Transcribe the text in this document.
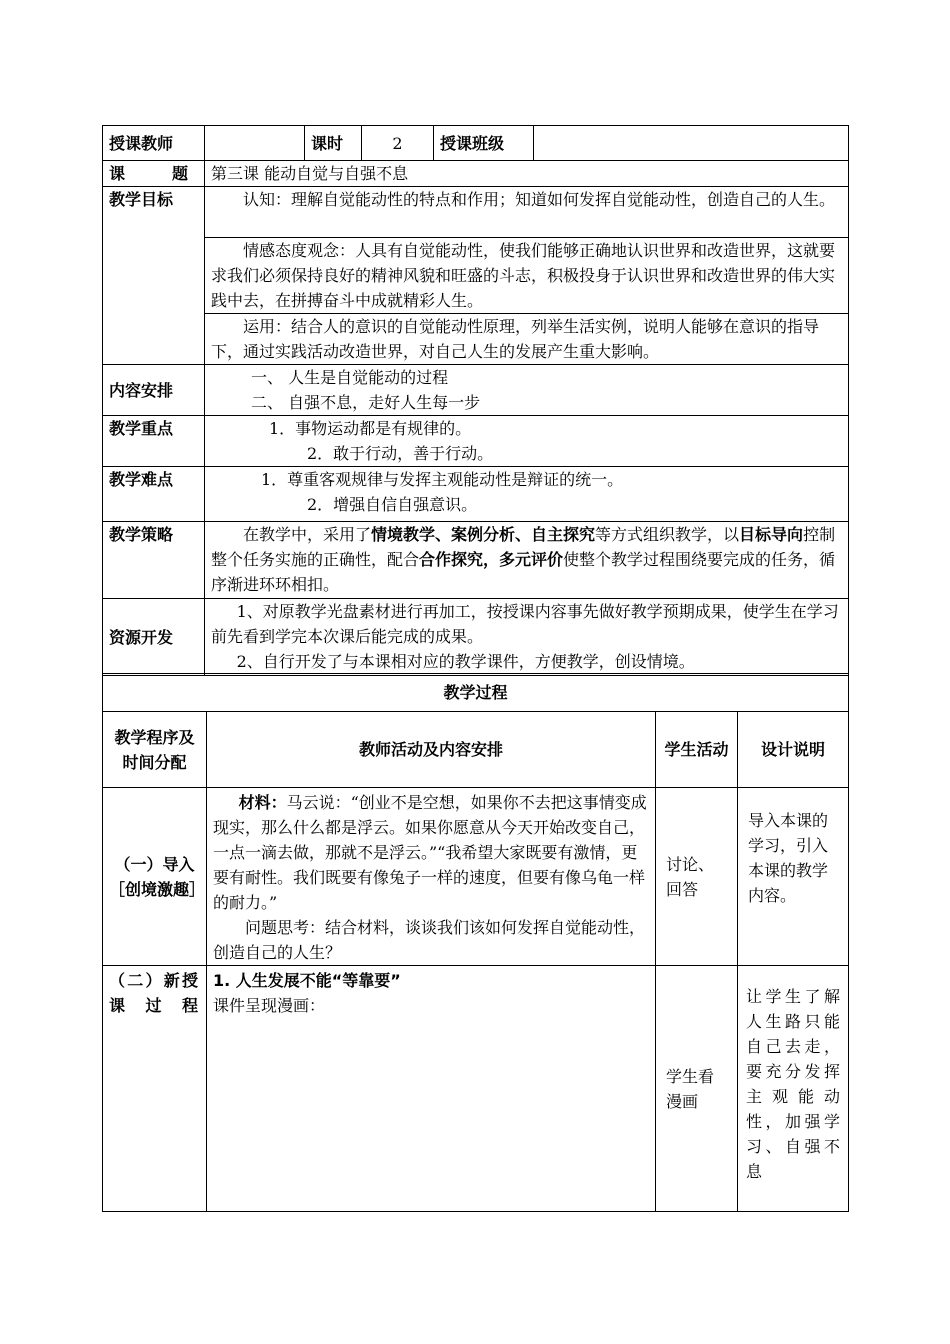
授课教师		课时	2	授课班级	

课 题	第三课 能动自觉与自强不息				
教学目标	认知：理解自觉能动性的特点和作用；知道如何发挥自觉能动性，创造自己的人生。				
	情感态度观念：人具有自觉能动性，使我们能够正确地认识世界和改造世界，这就要求我们必须保持良好的精神风貌和旺盛的斗志，积极投身于认识世界和改造世界的伟大实践中去，在拼搏奋斗中成就精彩人生。				
	运用：结合人的意识的自觉能动性原理，列举生活实例，说明人能够在意识的指导下，通过实践活动改造世界，对自己人生的发展产生重大影响。				
内容安排	一、 人生是自觉能动的过程
二、 自强不息，走好人生每一步				

教学重点	1．事物运动都是有规律的。
2．敢于行动，善于行动。				

教学难点	1．尊重客观规律与发挥主观能动性是辩证的统一。
2．增强自信自强意识。				

教学策略	在教学中，采用了情境教学、案例分析、自主探究等方式组织教学，以目标导向控制整个任务实施的正确性，配合合作探究，多元评价使整个教学过程围绕要完成的任务，循序渐进环环相扣。				
资源开发	1、对原教学光盘素材进行再加工，按授课内容事先做好教学预期成果，使学生在学习前先看到学完本次课后能完成的成果。
2、自行开发了与本课相对应的教学课件，方便教学，创设情境。				
教学过程			
教学程序及时间分配	教师活动及内容安排	学生活动	设计说明
（一）导入［创境激趣］	材料：马云说：“创业不是空想，如果你不去把这事情变成现实，那么什么都是浮云。如果你愿意从今天开始改变自己，一点一滴去做，那就不是浮云。”“我希望大家既要有激情，更要有耐性。我们既要有像兔子一样的速度，但要有像乌龟一样的耐力。”
问题思考：结合材料，谈谈我们该如何发挥自觉能动性，创造自己的人生？	讨论、回答	导入本课的学习，引入本课的教学内容。
（二）新授课过程	1. 人生发展不能“等靠要”
课件呈现漫画：	学生看漫画	让学生了解人生路只能自己去走，要充分发挥主观能动性，加强学习、自强不息
